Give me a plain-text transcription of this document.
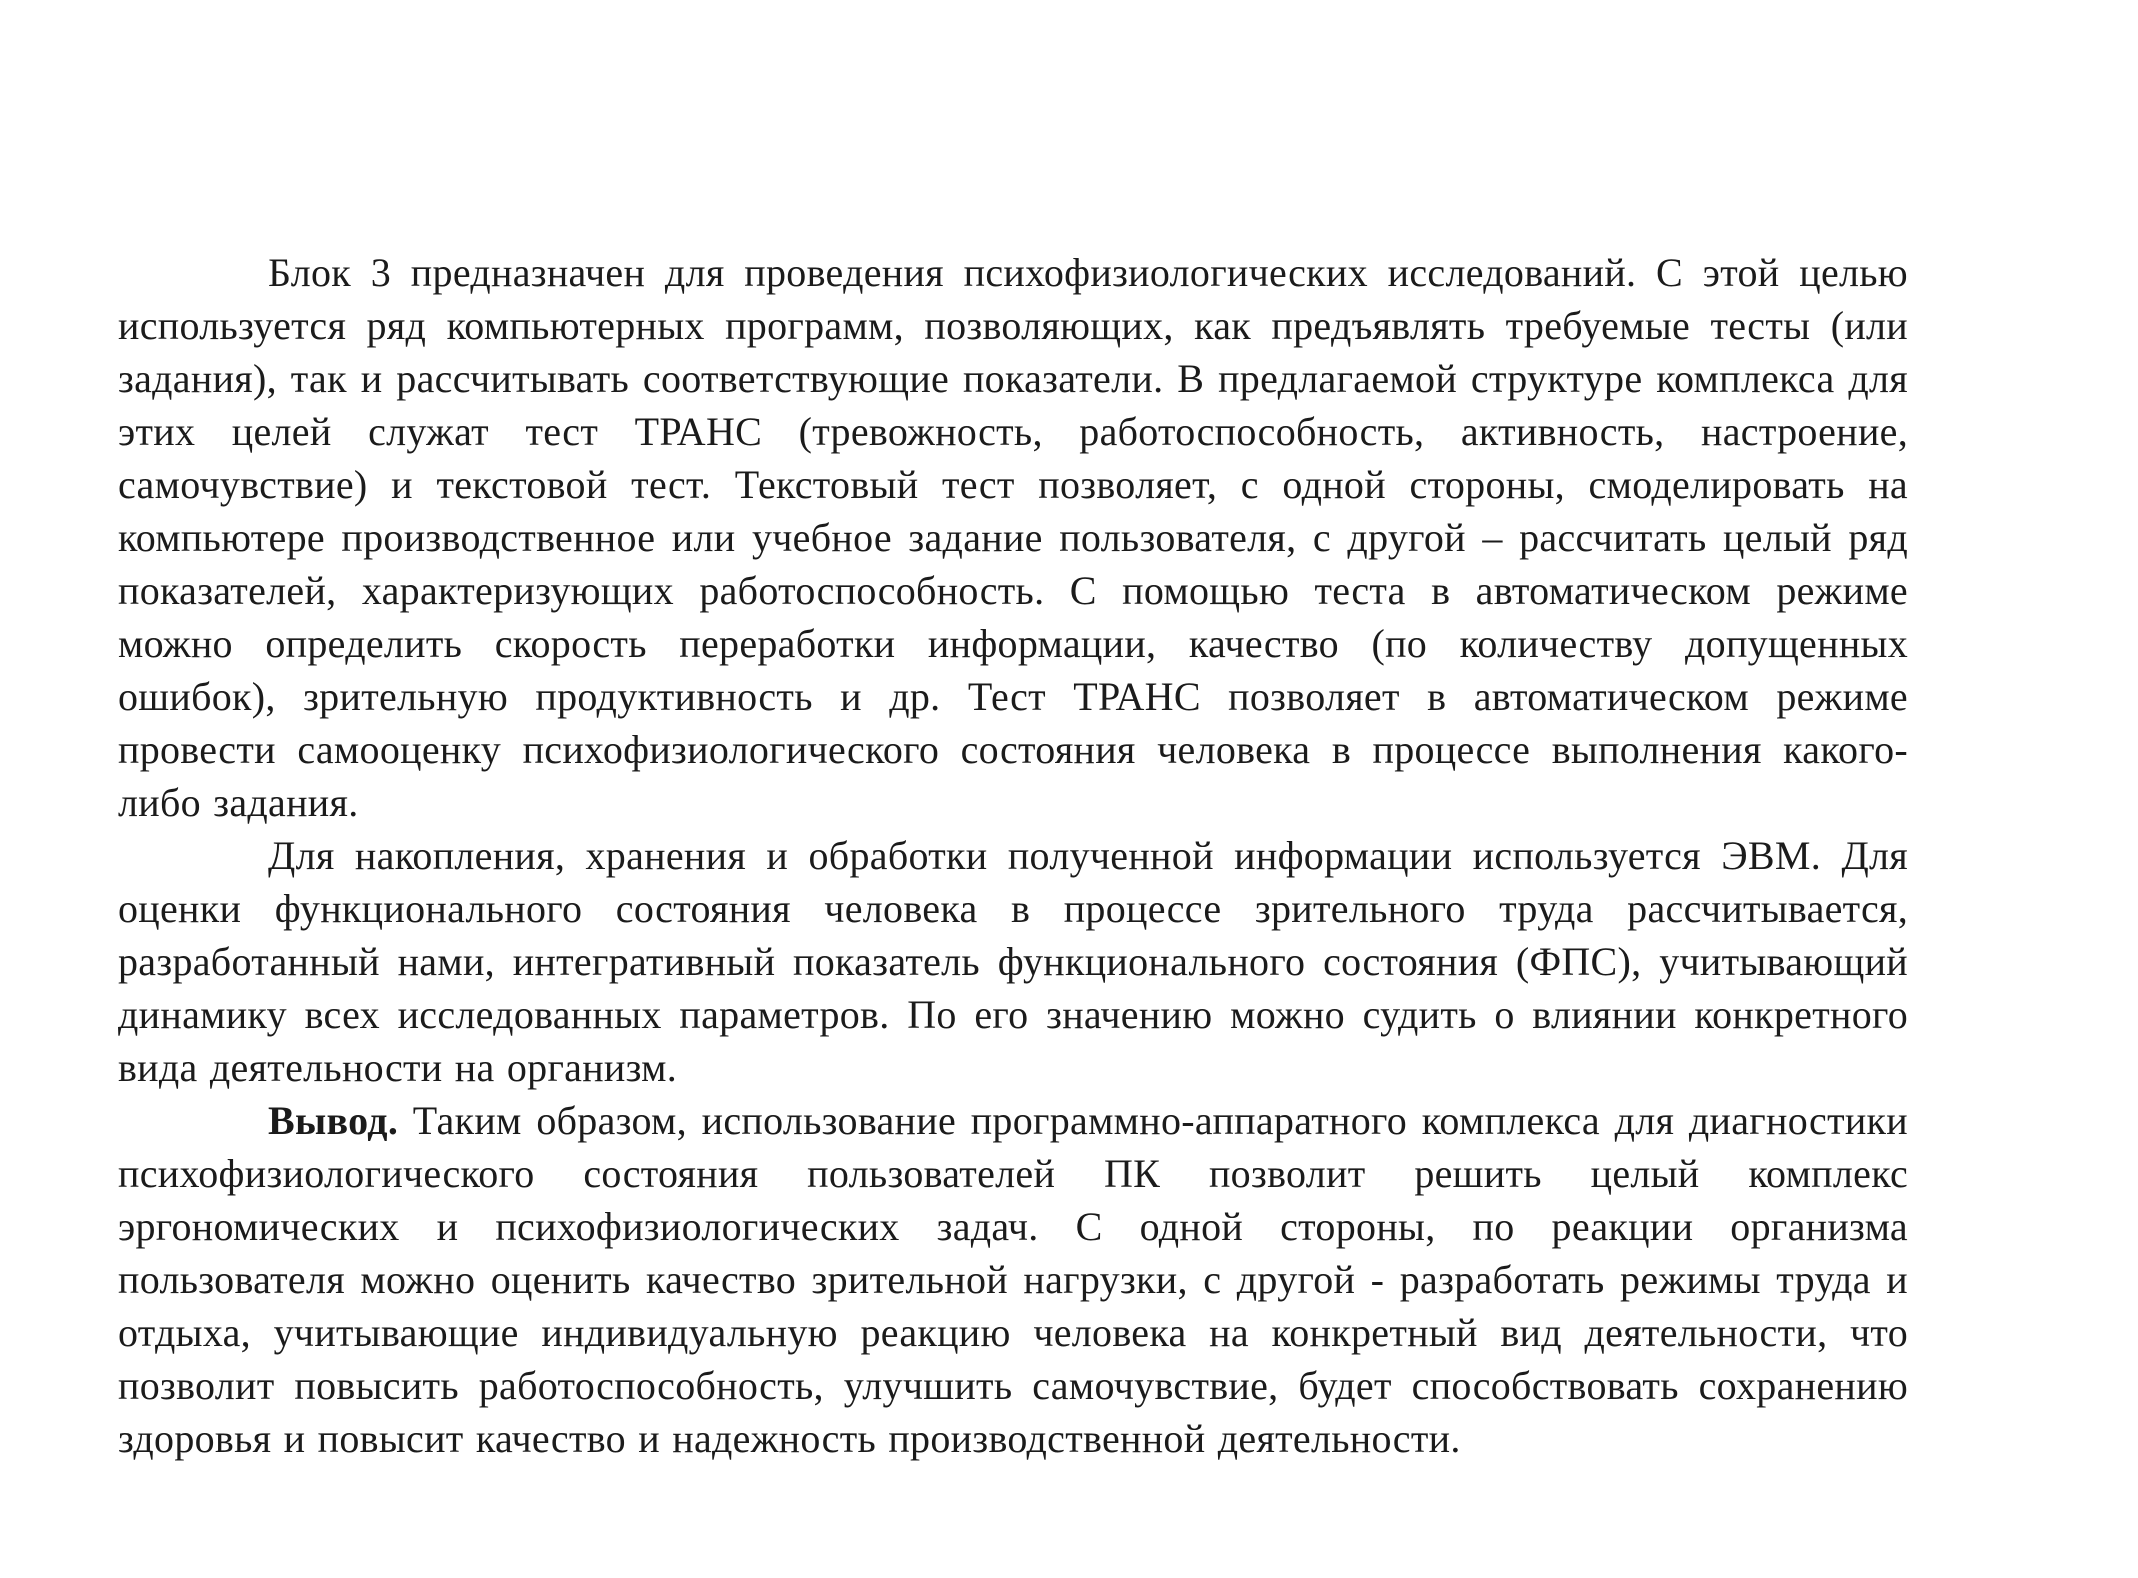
Блок 3 предназначен для проведения психофизиологических исследований. С этой целью используется ряд компьютерных программ, позволяющих, как предъявлять требуемые тесты (или задания), так и рассчитывать соответствующие показатели. В предлагаемой структуре комплекса для этих целей служат тест ТРАНС (тревожность, работоспособность, активность, настроение, самочувствие) и текстовой тест. Текстовый тест позволяет, с одной стороны, смоделировать на компьютере производственное или учебное задание пользователя, с другой – рассчитать целый ряд показателей, характеризующих работоспособность. С помощью теста в автоматическом режиме можно определить скорость переработки информации, качество (по количеству допущенных ошибок), зрительную продуктивность и др. Тест ТРАНС позволяет в автоматическом режиме провести самооценку психофизиологического состояния человека в процессе выполнения какого-либо задания.

Для накопления, хранения и обработки полученной информации используется ЭВМ. Для оценки функционального состояния человека в процессе зрительного труда рассчитывается, разработанный нами, интегративный показатель функционального состояния (ФПС), учитывающий динамику всех исследованных параметров. По его значению можно судить о влиянии конкретного вида деятельности на организм.

Вывод. Таким образом, использование программно-аппаратного комплекса для диагностики психофизиологического состояния пользователей ПК позволит решить целый комплекс эргономических и психофизиологических задач. С одной стороны, по реакции организма пользователя можно оценить качество зрительной нагрузки, с другой - разработать режимы труда и отдыха, учитывающие индивидуальную реакцию человека на конкретный вид деятельности, что позволит повысить работоспособность, улучшить самочувствие, будет способствовать сохранению здоровья и повысит качество и надежность производственной деятельности.
